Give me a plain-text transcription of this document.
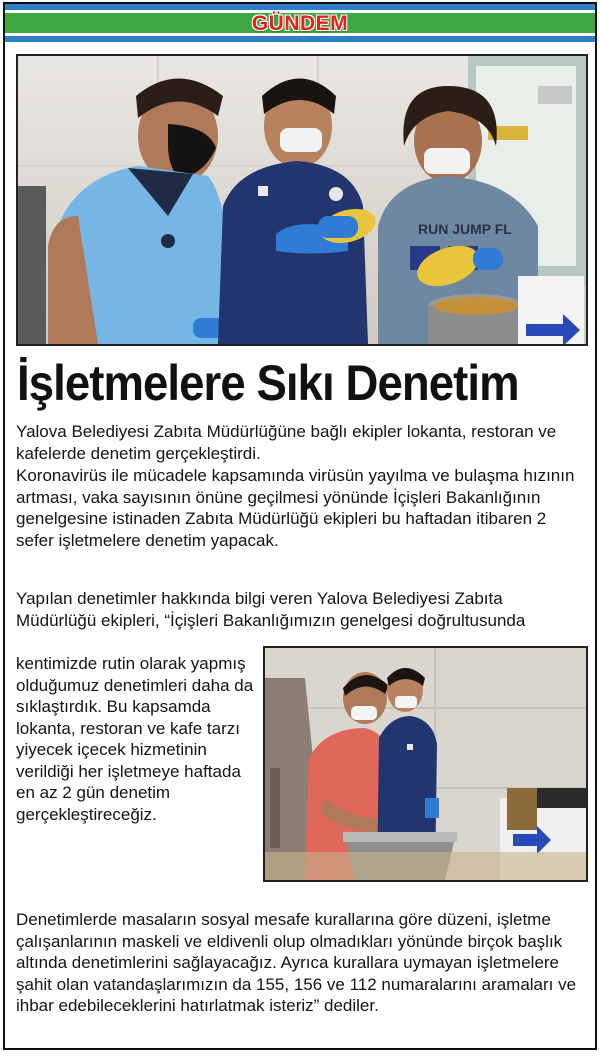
GÜNDEM
RUN JUMP FL
İşletmelere Sıkı Denetim
Yalova Belediyesi Zabıta Müdürlüğüne bağlı ekipler lokanta, restoran ve kafelerde denetim gerçekleştirdi.
Koronavirüs ile mücadele kapsamında virüsün yayılma ve bulaşma hızının artması, vaka sayısının önüne geçilmesi yönünde İçişleri Bakanlığının genelgesine istinaden Zabıta Müdürlüğü ekipleri bu haftadan itibaren 2 sefer işletmelere denetim yapacak.
Yapılan denetimler hakkında bilgi veren Yalova Belediyesi Zabıta Müdürlüğü ekipleri, “İçişleri Bakanlığımızın genelgesi doğrultusunda
kentimizde rutin olarak yapmış olduğumuz denetimleri daha da sıklaştırdık. Bu kapsamda lokanta, restoran ve kafe tarzı yiyecek içecek hizmetinin verildiği her işletmeye haftada en az 2 gün denetim gerçekleştireceğiz.
Denetimlerde masaların sosyal mesafe kurallarına göre düzeni, işletme çalışanlarının maskeli ve eldivenli olup olmadıkları yönünde birçok başlık altında denetimlerini sağlayacağız. Ayrıca kurallara uymayan işletmelere şahit olan vatandaşlarımızın da 155, 156 ve 112 numaralarını aramaları ve ihbar edebileceklerini hatırlatmak isteriz” dediler.
